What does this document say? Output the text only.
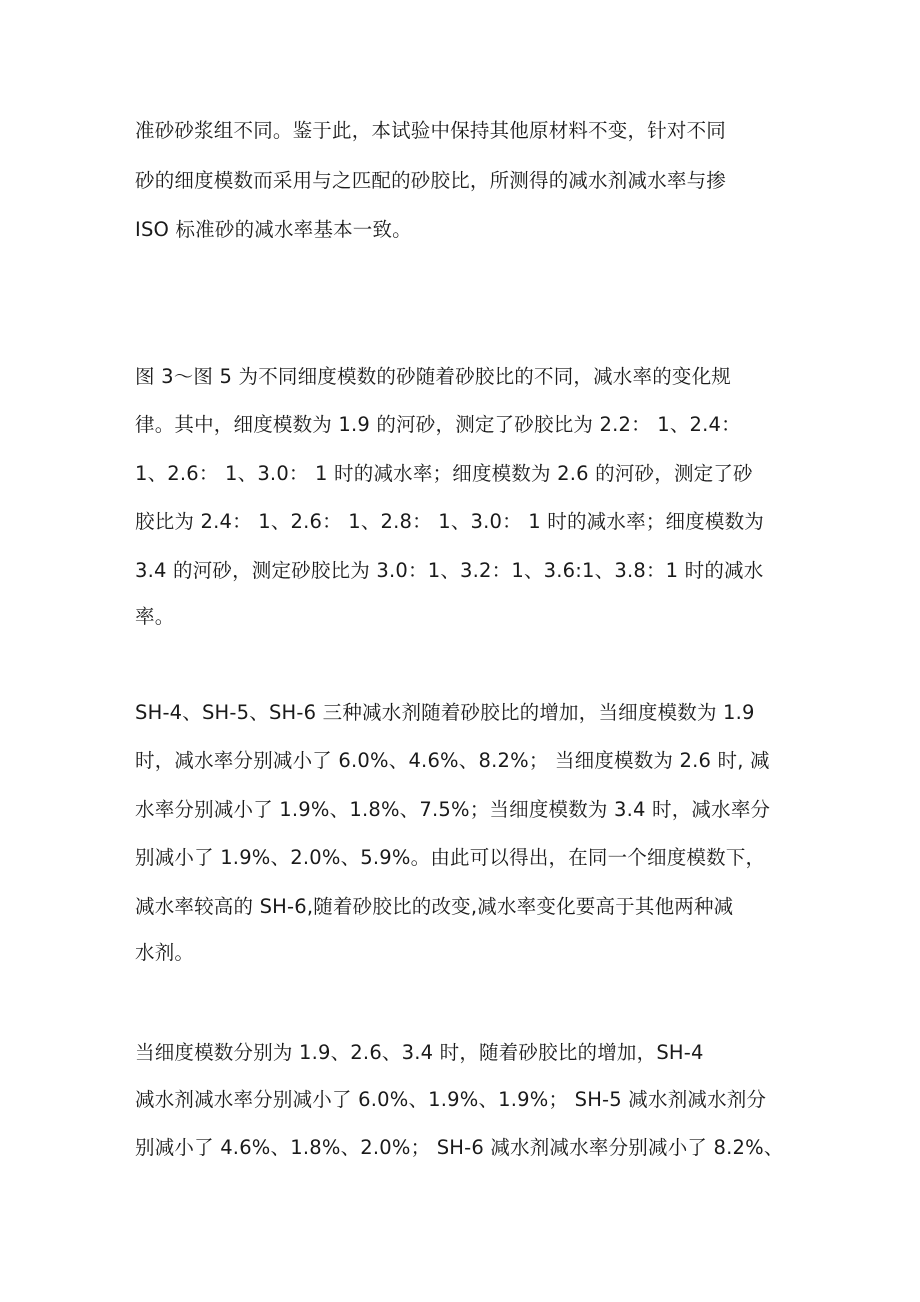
准砂砂浆组不同。鉴于此，本试验中保持其他原材料不变，针对不同
砂的细度模数而采用与之匹配的砂胶比，所测得的减水剂减水率与掺
ISO 标准砂的减水率基本一致。
图 3～图 5 为不同细度模数的砂随着砂胶比的不同，减水率的变化规
律。其中，细度模数为 1.9 的河砂，测定了砂胶比为 2.2： 1、2.4：
1、2.6： 1、3.0： 1 时的减水率；细度模数为 2.6 的河砂，测定了砂
胶比为 2.4： 1、2.6： 1、2.8： 1、3.0： 1 时的减水率；细度模数为
3.4 的河砂，测定砂胶比为 3.0：1、3.2：1、3.6:1、3.8：1 时的减水
率。
SH-4、SH-5、SH-6 三种减水剂随着砂胶比的增加，当细度模数为 1.9
时，减水率分别减小了 6.0%、4.6%、8.2%； 当细度模数为 2.6 时, 减
水率分别减小了 1.9%、1.8%、7.5%；当细度模数为 3.4 时，减水率分
别减小了 1.9%、2.0%、5.9%。由此可以得出，在同一个细度模数下，
减水率较高的 SH-6,随着砂胶比的改变,减水率变化要高于其他两种减
水剂。
当细度模数分别为 1.9、2.6、3.4 时，随着砂胶比的增加，SH-4
减水剂减水率分别减小了 6.0%、1.9%、1.9%； SH-5 减水剂减水剂分
别减小了 4.6%、1.8%、2.0%； SH-6 减水剂减水率分别减小了 8.2%、
